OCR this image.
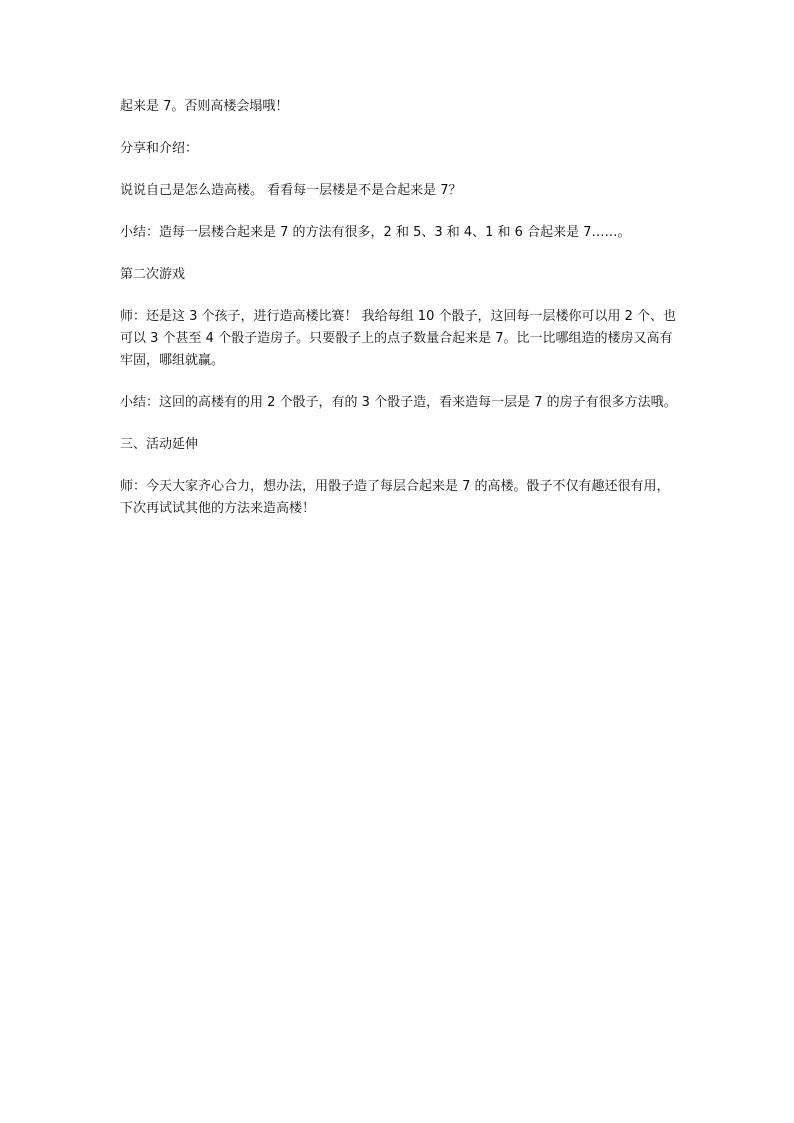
起来是 7。否则高楼会塌哦！

分享和介绍：

说说自己是怎么造高楼。 看看每一层楼是不是合起来是 7？

小结：造每一层楼合起来是 7 的方法有很多，2 和 5、3 和 4、1 和 6 合起来是 7……。

第二次游戏

师：还是这 3 个孩子，进行造高楼比赛！ 我给每组 10 个骰子，这回每一层楼你可以用 2 个、也可以 3 个甚至 4 个骰子造房子。只要骰子上的点子数量合起来是 7。比一比哪组造的楼房又高有牢固，哪组就赢。

小结：这回的高楼有的用 2 个骰子，有的 3 个骰子造，看来造每一层是 7 的房子有很多方法哦。

三、活动延伸

师：今天大家齐心合力，想办法，用骰子造了每层合起来是 7 的高楼。骰子不仅有趣还很有用，下次再试试其他的方法来造高楼！
